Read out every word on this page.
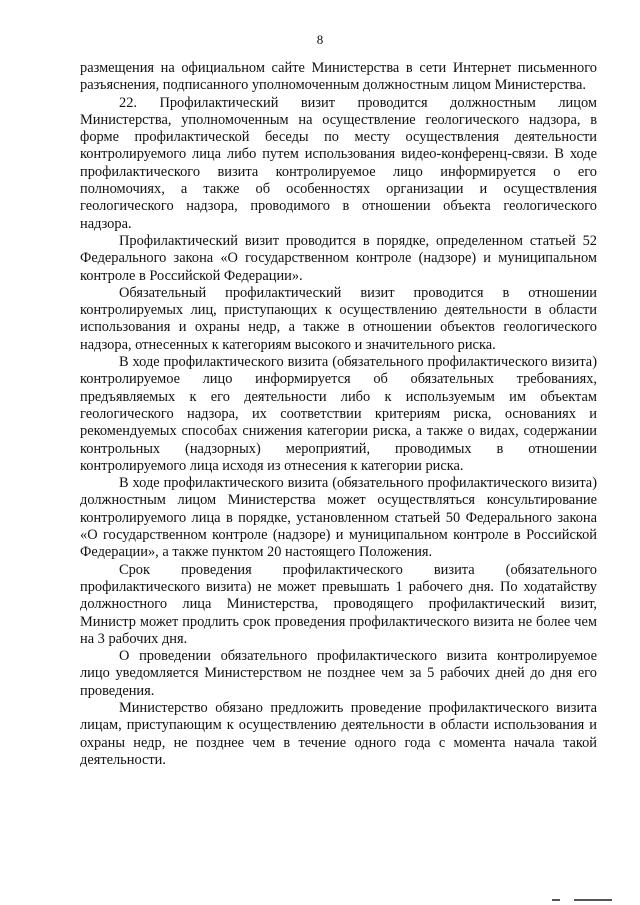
8

размещения на официальном сайте Министерства в сети Интернет письменного разъяснения, подписанного уполномоченным должностным лицом Министерства.

22. Профилактический визит проводится должностным лицом Министерства, уполномоченным на осуществление геологического надзора, в форме профилактической беседы по месту осуществления деятельности контролируемого лица либо путем использования видео-конференц-связи. В ходе профилактического визита контролируемое лицо информируется о его полномочиях, а также об особенностях организации и осуществления геологического надзора, проводимого в отношении объекта геологического надзора.

Профилактический визит проводится в порядке, определенном статьей 52 Федерального закона «О государственном контроле (надзоре) и муниципальном контроле в Российской Федерации».

Обязательный профилактический визит проводится в отношении контролируемых лиц, приступающих к осуществлению деятельности в области использования и охраны недр, а также в отношении объектов геологического надзора, отнесенных к категориям высокого и значительного риска.

В ходе профилактического визита (обязательного профилактического визита) контролируемое лицо информируется об обязательных требованиях, предъявляемых к его деятельности либо к используемым им объектам геологического надзора, их соответствии критериям риска, основаниях и рекомендуемых способах снижения категории риска, а также о видах, содержании контрольных (надзорных) мероприятий, проводимых в отношении контролируемого лица исходя из отнесения к категории риска.

В ходе профилактического визита (обязательного профилактического визита) должностным лицом Министерства может осуществляться консультирование контролируемого лица в порядке, установленном статьей 50 Федерального закона «О государственном контроле (надзоре) и муниципальном контроле в Российской Федерации», а также пунктом 20 настоящего Положения.

Срок проведения профилактического визита (обязательного профилактического визита) не может превышать 1 рабочего дня. По ходатайству должностного лица Министерства, проводящего профилактический визит, Министр может продлить срок проведения профилактического визита не более чем на 3 рабочих дня.

О проведении обязательного профилактического визита контролируемое лицо уведомляется Министерством не позднее чем за 5 рабочих дней до дня его проведения.

Министерство обязано предложить проведение профилактического визита лицам, приступающим к осуществлению деятельности в области использования и охраны недр, не позднее чем в течение одного года с момента начала такой деятельности.
